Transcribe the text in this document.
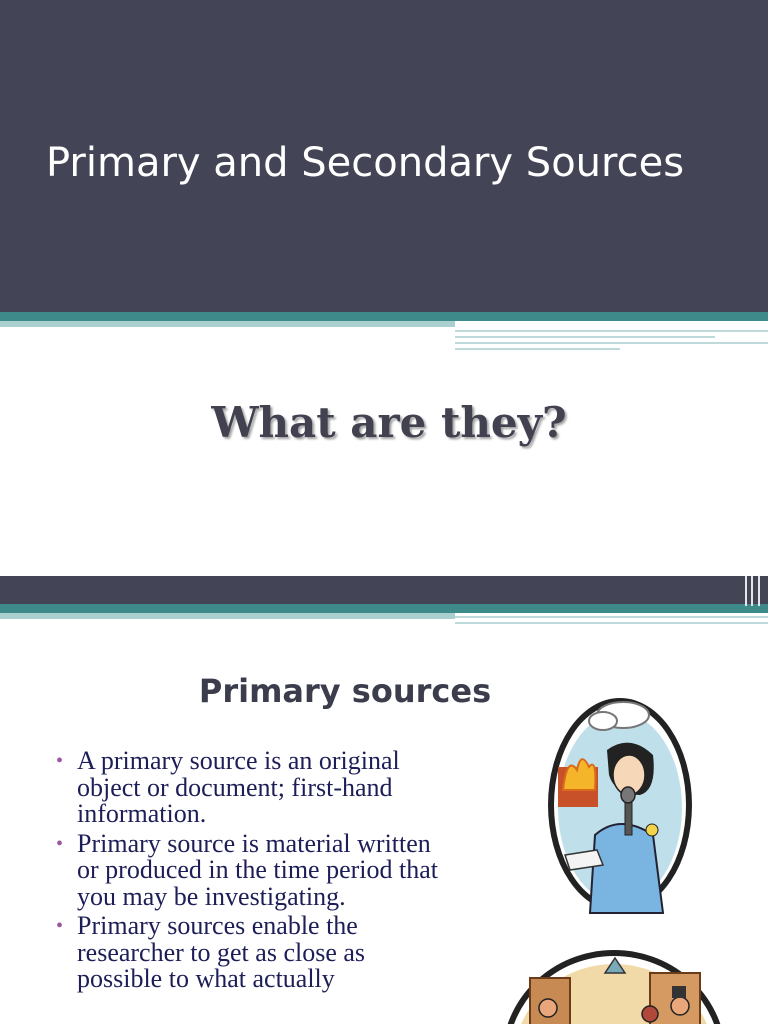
Primary and Secondary Sources
What are they?
Primary sources
• A primary source is an original object or document; first-hand information.
• Primary source is material written or produced in the time period that you may be investigating.
• Primary sources enable the researcher to get as close as possible to what actually
